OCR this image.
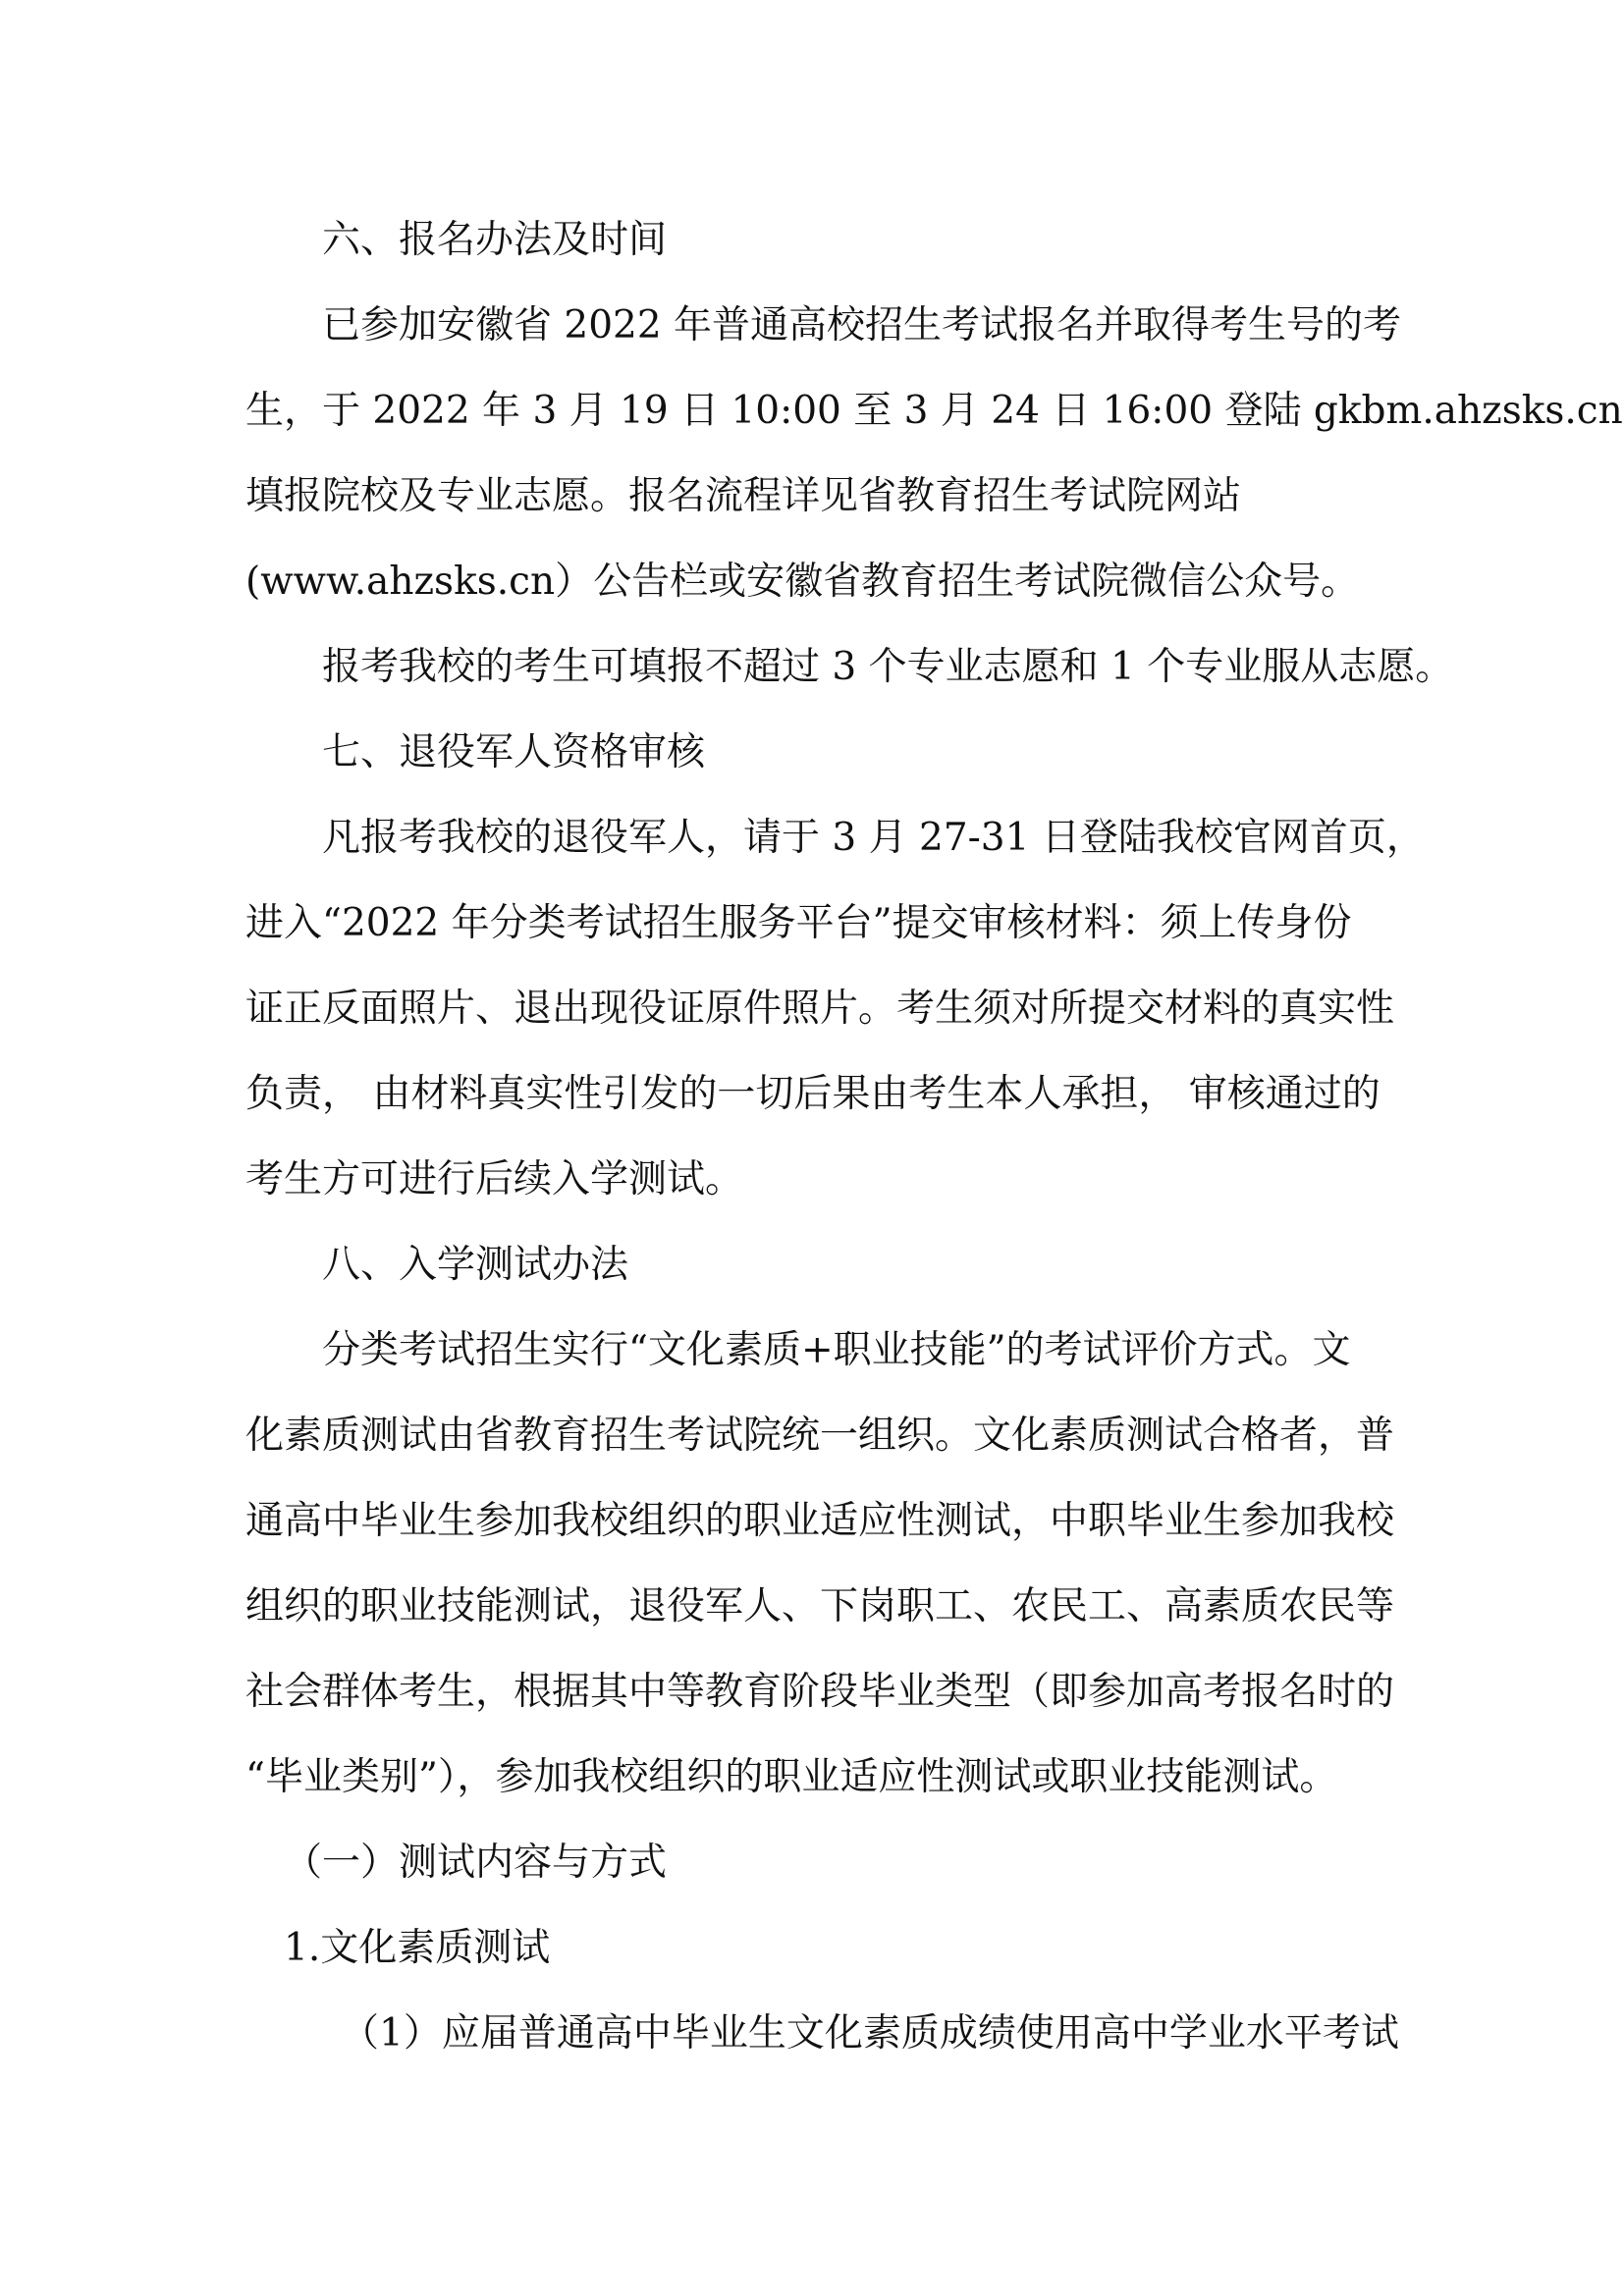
六、报名办法及时间
已参加安徽省 2022 年普通高校招生考试报名并取得考生号的考
生，于 2022 年 3 月 19 日 10:00 至 3 月 24 日 16:00 登陆 gkbm.ahzsks.cn
填报院校及专业志愿。报名流程详见省教育招生考试院网站
(www.ahzsks.cn）公告栏或安徽省教育招生考试院微信公众号。
报考我校的考生可填报不超过 3 个专业志愿和 1 个专业服从志愿。
七、退役军人资格审核
凡报考我校的退役军人，请于 3 月 27-31 日登陆我校官网首页，
进入“2022 年分类考试招生服务平台”提交审核材料：须上传身份
证正反面照片、退出现役证原件照片。考生须对所提交材料的真实性
负责， 由材料真实性引发的一切后果由考生本人承担， 审核通过的
考生方可进行后续入学测试。
八、入学测试办法
分类考试招生实行“文化素质+职业技能”的考试评价方式。文
化素质测试由省教育招生考试院统一组织。文化素质测试合格者，普
通高中毕业生参加我校组织的职业适应性测试，中职毕业生参加我校
组织的职业技能测试，退役军人、下岗职工、农民工、高素质农民等
社会群体考生，根据其中等教育阶段毕业类型（即参加高考报名时的
“毕业类别”），参加我校组织的职业适应性测试或职业技能测试。
（一）测试内容与方式
1.文化素质测试
（1）应届普通高中毕业生文化素质成绩使用高中学业水平考试
